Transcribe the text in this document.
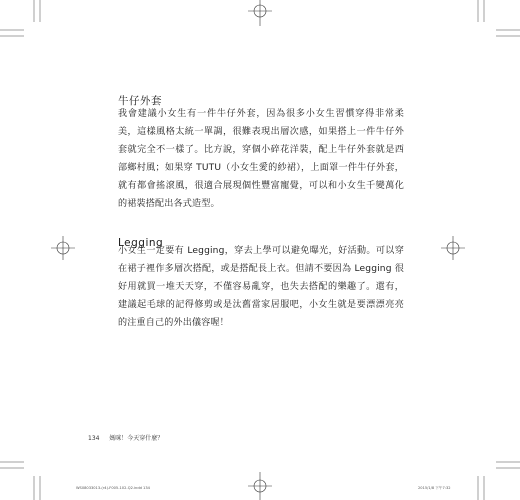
牛仔外套

我會建議小女生有一件牛仔外套，因為很多小女生習慣穿得非常柔美，這樣風格太統一單調，很難表現出層次感，如果搭上一件牛仔外套就完全不一樣了。比方說，穿個小碎花洋裝，配上牛仔外套就是西部鄉村風；如果穿 TUTU（小女生愛的紗裙），上面罩一件牛仔外套，就有都會搖滾風，很適合展現個性豐富寵覺，可以和小女生千變萬化的裙裝搭配出各式造型。

Legging

小女生一定要有 Legging，穿去上學可以避免曝光，好活動。可以穿在裙子裡作多層次搭配，或是搭配長上衣。但請不要因為 Legging 很好用就買一堆天天穿，不僅容易亂穿，也失去搭配的樂趣了。還有，建議起毛球的記得修剪或是汰舊當家居服吧，小女生就是要漂漂亮亮的注重自己的外出儀容喔！

134 媽咪！今天穿什麼？
WS08033013-(r4)-F005-102-Q2.indd 134	2015/1/8 下午7:32
